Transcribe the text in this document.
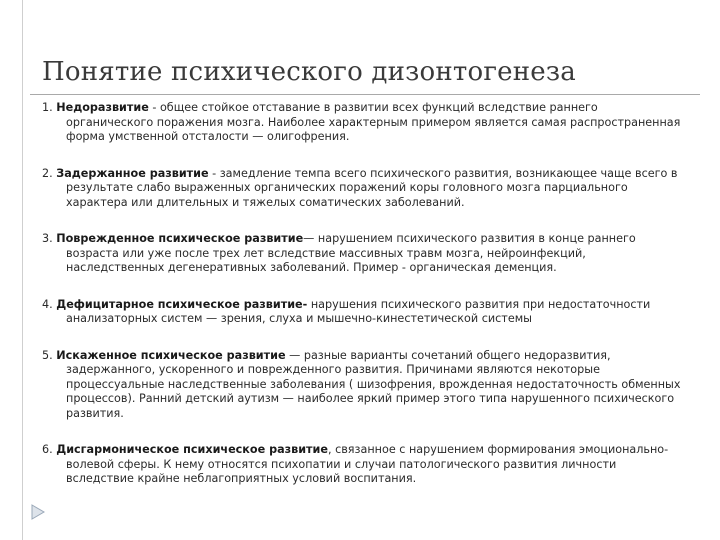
Понятие психического дизонтогенеза

1. Недоразвитие - общее стойкое отставание в развитии всех функций вследствие раннего органического поражения мозга. Наиболее характерным примером является самая распространенная форма умственной отсталости — олигофрения.

2. Задержанное развитие - замедление темпа всего психического развития, возникающее чаще всего в результате слабо выраженных органических поражений коры головного мозга парциального характера или длительных и тяжелых соматических заболеваний.

3. Поврежденное психическое развитие— нарушением психического развития в конце раннего возраста или уже после трех лет вследствие массивных травм мозга, нейроинфекций, наследственных дегенеративных заболеваний. Пример - органическая деменция.

4. Дефицитарное психическое развитие- нарушения психического развития при недостаточности анализаторных систем — зрения, слуха и мышечно-кинестетической системы

5. Искаженное психическое развитие — разные варианты сочетаний общего недоразвития, задержанного, ускоренного и поврежденного развития. Причинами являются некоторые процессуальные наследственные заболевания ( шизофрения, врожденная недостаточность обменных процессов). Ранний детский аутизм — наиболее яркий пример этого типа нарушенного психического развития.

6. Дисгармоническое психическое развитие, связанное с нарушением формирования эмоционально-волевой сферы. К нему относятся психопатии и случаи патологического развития личности вследствие крайне неблагоприятных условий воспитания.
